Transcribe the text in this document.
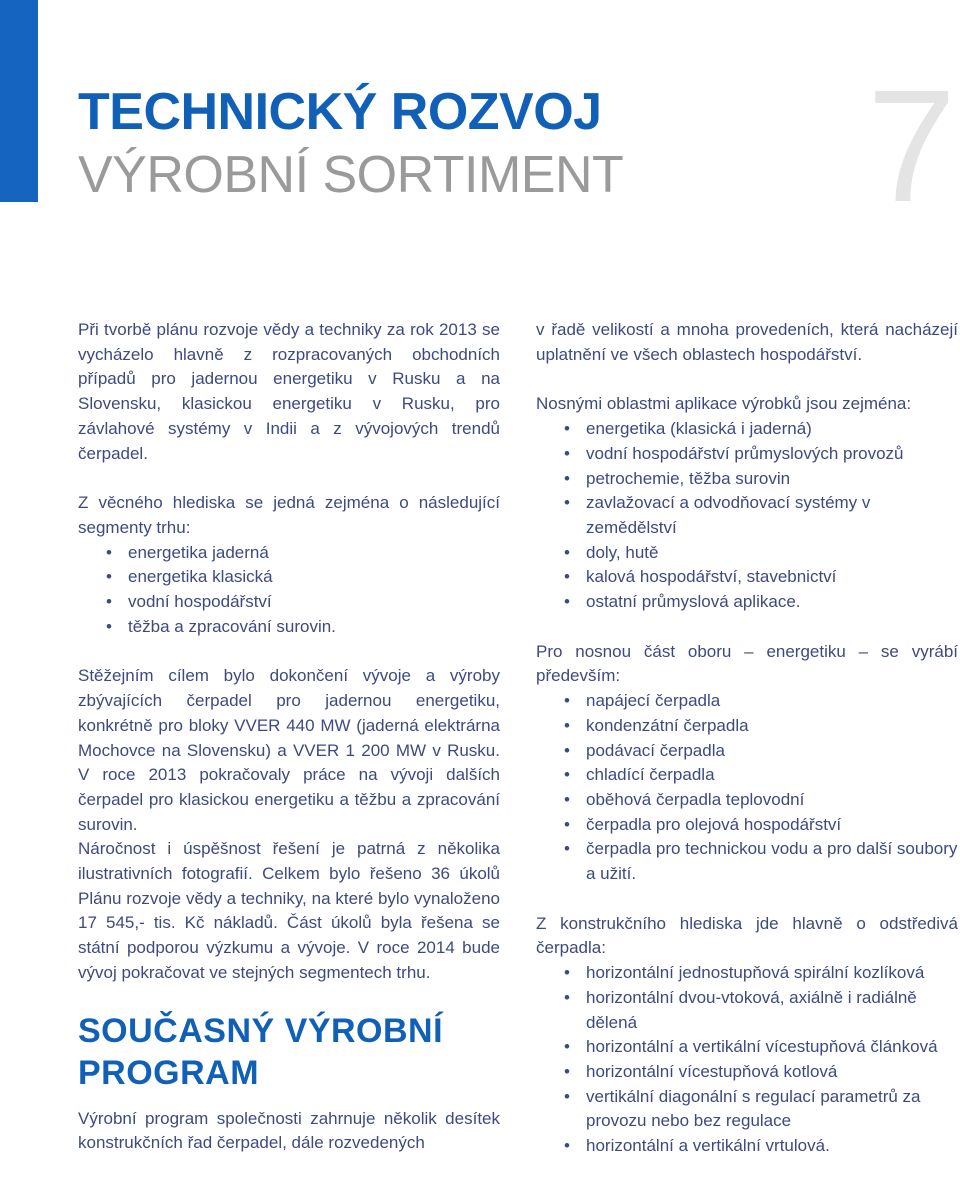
TECHNICKÝ ROZVOJ
VÝROBNÍ SORTIMENT 7

Při tvorbě plánu rozvoje vědy a techniky za rok 2013 se vycházelo hlavně z rozpracovaných obchodních případů pro jadernou energetiku v Rusku a na Slovensku, klasickou energetiku v Rusku, pro závlahové systémy v Indii a z vývojových trendů čerpadel.

Z věcného hlediska se jedná zejména o následující segmenty trhu:

• energetika jaderná
• energetika klasická
• vodní hospodářství
• těžba a zpracování surovin.

Stěžejním cílem bylo dokončení vývoje a výroby zbývajících čerpadel pro jadernou energetiku, konkrétně pro bloky VVER 440 MW (jaderná elektrárna Mochovce na Slovensku) a VVER 1 200 MW v Rusku. V roce 2013 pokračovaly práce na vývoji dalších čerpadel pro klasickou energetiku a těžbu a zpracování surovin.

Náročnost i úspěšnost řešení je patrná z několika ilustrativních fotografií. Celkem bylo řešeno 36 úkolů Plánu rozvoje vědy a techniky, na které bylo vynaloženo 17 545,- tis. Kč nákladů. Část úkolů byla řešena se státní podporou výzkumu a vývoje. V roce 2014 bude vývoj pokračovat ve stejných segmentech trhu.

SOUČASNÝ VÝROBNÍ
PROGRAM

Výrobní program společnosti zahrnuje několik desítek konstrukčních řad čerpadel, dále rozvedených

v řadě velikostí a mnoha provedeních, která nacházejí uplatnění ve všech oblastech hospodářství.

Nosnými oblastmi aplikace výrobků jsou zejména:

• energetika (klasická i jaderná)
• vodní hospodářství průmyslových provozů
• petrochemie, těžba surovin
• zavlažovací a odvodňovací systémy v zemědělství
• doly, hutě
• kalová hospodářství, stavebnictví
• ostatní průmyslová aplikace.

Pro nosnou část oboru – energetiku – se vyrábí především:

• napájecí čerpadla
• kondenzátní čerpadla
• podávací čerpadla
• chladící čerpadla
• oběhová čerpadla teplovodní
• čerpadla pro olejová hospodářství
• čerpadla pro technickou vodu a pro další soubory a užití.

Z konstrukčního hlediska jde hlavně o odstředivá čerpadla:

• horizontální jednostupňová spirální kozlíková
• horizontální dvou-vtoková, axiálně i radiálně dělená
• horizontální a vertikální vícestupňová článková
• horizontální vícestupňová kotlová
• vertikální diagonální s regulací parametrů za provozu nebo bez regulace
• horizontální a vertikální vrtulová.
